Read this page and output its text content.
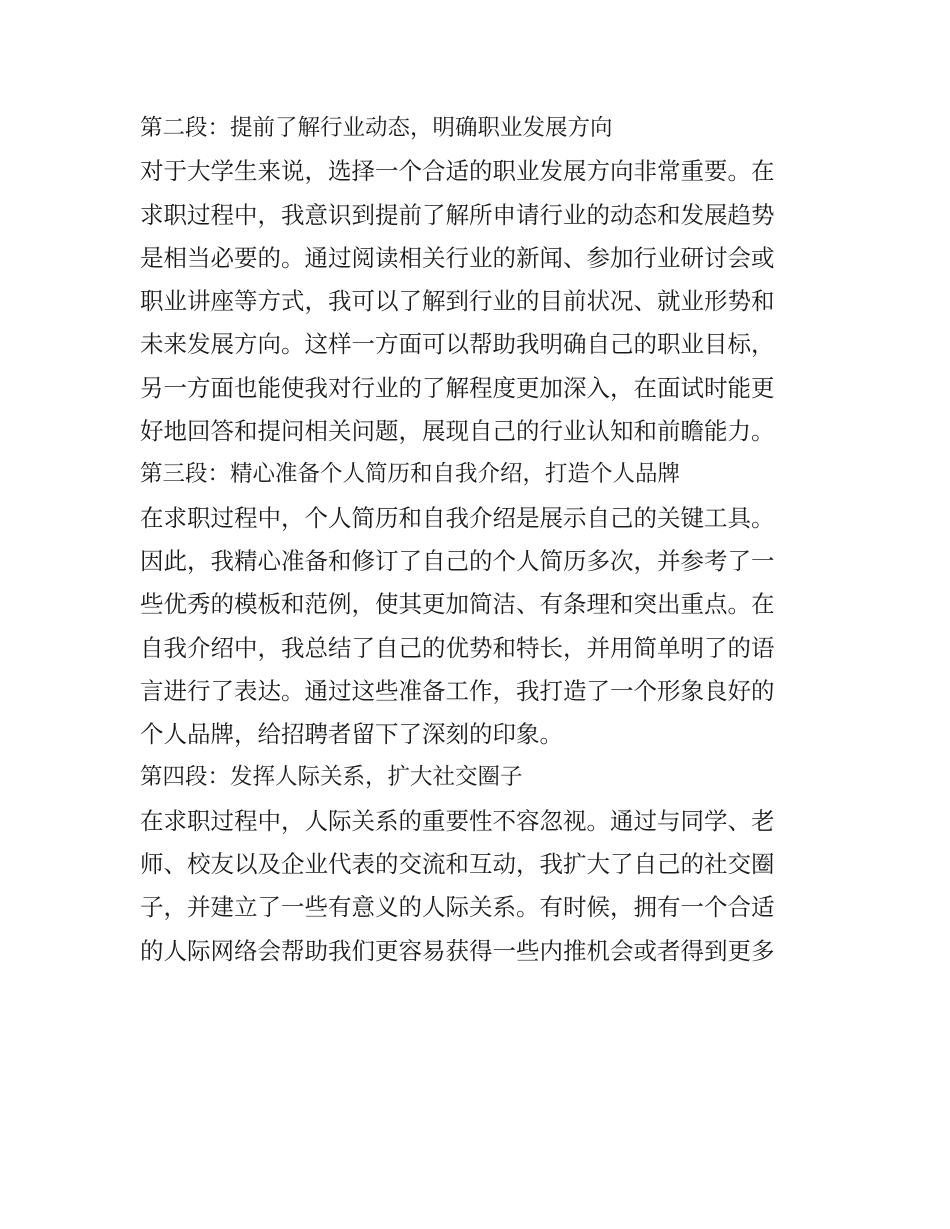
第二段：提前了解行业动态，明确职业发展方向
对于大学生来说，选择一个合适的职业发展方向非常重要。在
求职过程中，我意识到提前了解所申请行业的动态和发展趋势
是相当必要的。通过阅读相关行业的新闻、参加行业研讨会或
职业讲座等方式，我可以了解到行业的目前状况、就业形势和
未来发展方向。这样一方面可以帮助我明确自己的职业目标，
另一方面也能使我对行业的了解程度更加深入，在面试时能更
好地回答和提问相关问题，展现自己的行业认知和前瞻能力。
第三段：精心准备个人简历和自我介绍，打造个人品牌
在求职过程中，个人简历和自我介绍是展示自己的关键工具。
因此，我精心准备和修订了自己的个人简历多次，并参考了一
些优秀的模板和范例，使其更加简洁、有条理和突出重点。在
自我介绍中，我总结了自己的优势和特长，并用简单明了的语
言进行了表达。通过这些准备工作，我打造了一个形象良好的
个人品牌，给招聘者留下了深刻的印象。
第四段：发挥人际关系，扩大社交圈子
在求职过程中，人际关系的重要性不容忽视。通过与同学、老
师、校友以及企业代表的交流和互动，我扩大了自己的社交圈
子，并建立了一些有意义的人际关系。有时候，拥有一个合适
的人际网络会帮助我们更容易获得一些内推机会或者得到更多
